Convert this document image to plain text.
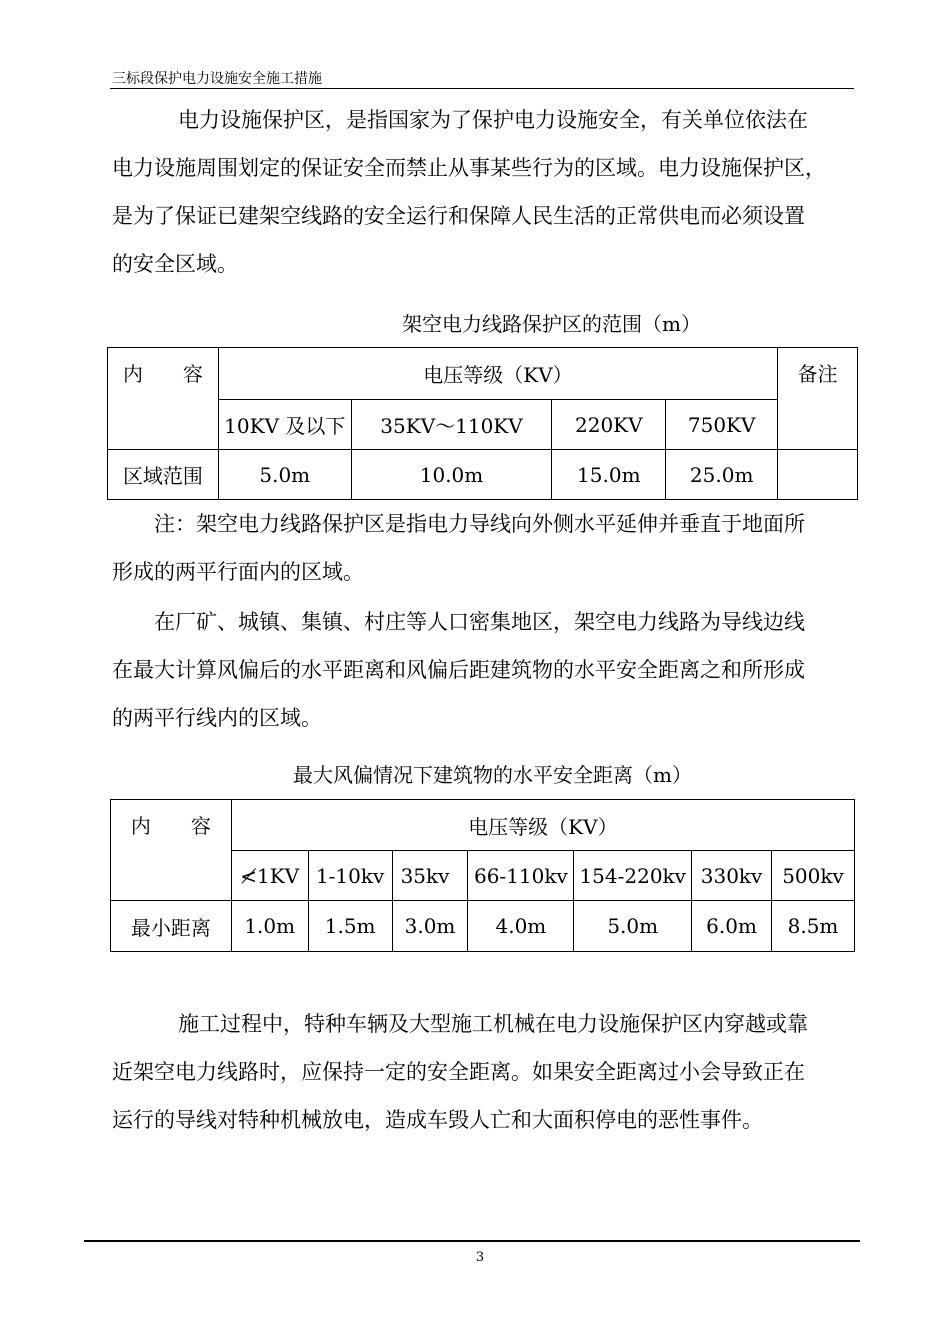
三标段保护电力设施安全施工措施

电力设施保护区，是指国家为了保护电力设施安全，有关单位依法在

电力设施周围划定的保证安全而禁止从事某些行为的区域。电力设施保护区，

是为了保证已建架空线路的安全运行和保障人民生活的正常供电而必须设置

的安全区域。

架空电力线路保护区的范围（m）
内　　容	电压等级（KV）				备注
	10KV 及以下	35KV～110KV	220KV	750KV	
区域范围	5.0m	10.0m	15.0m	25.0m	

注：架空电力线路保护区是指电力导线向外侧水平延伸并垂直于地面所

形成的两平行面内的区域。

在厂矿、城镇、集镇、村庄等人口密集地区，架空电力线路为导线边线

在最大计算风偏后的水平距离和风偏后距建筑物的水平安全距离之和所形成

的两平行线内的区域。

最大风偏情况下建筑物的水平安全距离（m）
内　　容	电压等级（KV）						
	≮1KV	1-10kv	35kv	66-110kv	154-220kv	330kv	500kv
最小距离	1.0m	1.5m	3.0m	4.0m	5.0m	6.0m	8.5m

施工过程中，特种车辆及大型施工机械在电力设施保护区内穿越或靠

近架空电力线路时，应保持一定的安全距离。如果安全距离过小会导致正在

运行的导线对特种机械放电，造成车毁人亡和大面积停电的恶性事件。

3
